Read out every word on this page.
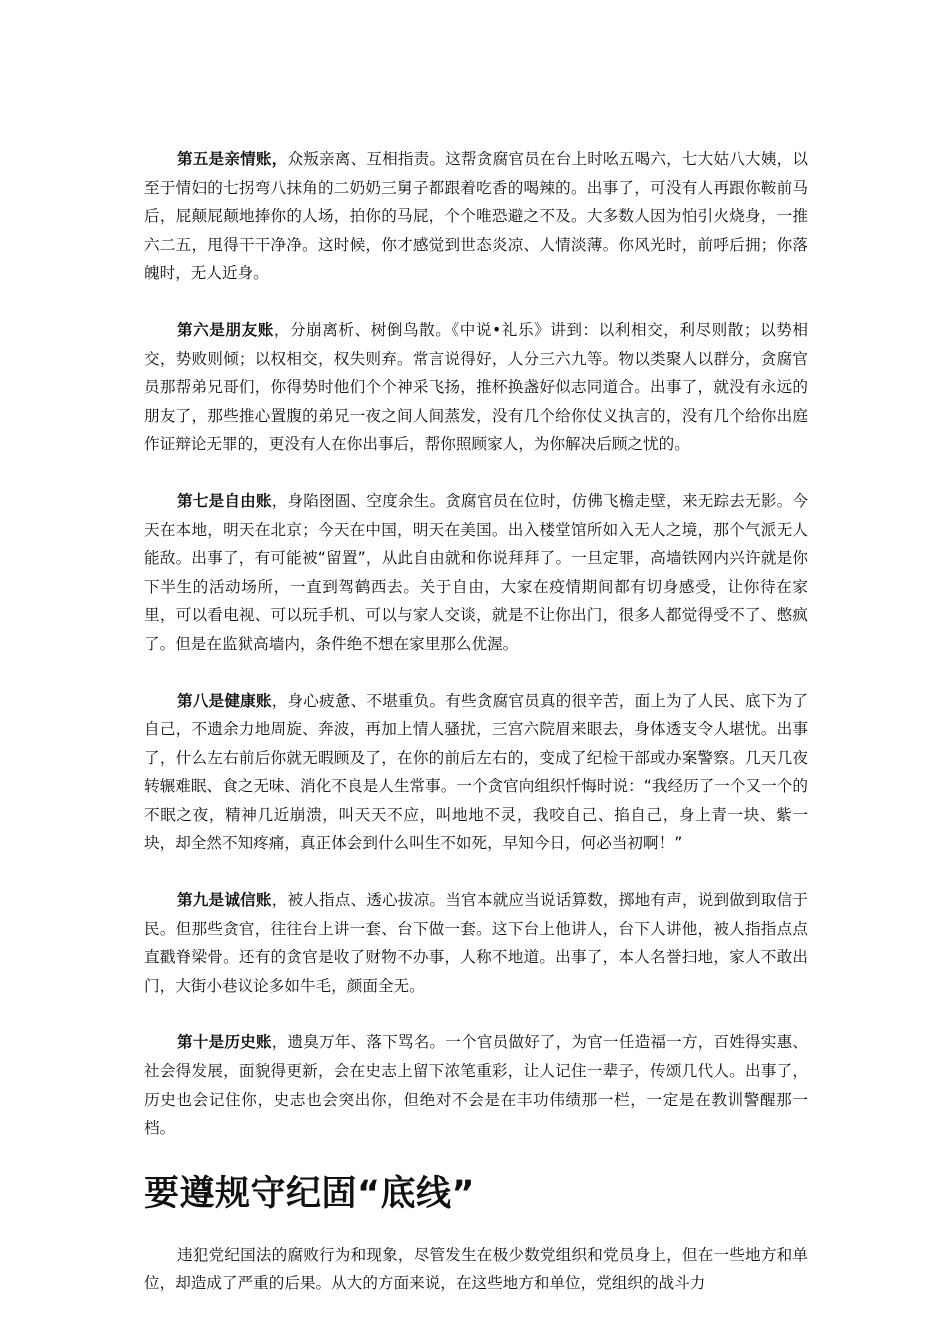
第五是亲情账，众叛亲离、互相指责。这帮贪腐官员在台上时吆五喝六，七大姑八大姨，以至于情妇的七拐弯八抹角的二奶奶三舅子都跟着吃香的喝辣的。出事了，可没有人再跟你鞍前马后，屁颠屁颠地捧你的人场，拍你的马屁，个个唯恐避之不及。大多数人因为怕引火烧身，一推六二五，甩得干干净净。这时候，你才感觉到世态炎凉、人情淡薄。你风光时，前呼后拥；你落魄时，无人近身。

第六是朋友账，分崩离析、树倒鸟散。《中说•礼乐》讲到：以利相交，利尽则散；以势相交，势败则倾；以权相交，权失则弃。常言说得好，人分三六九等。物以类聚人以群分，贪腐官员那帮弟兄哥们，你得势时他们个个神采飞扬，推杯换盏好似志同道合。出事了，就没有永远的朋友了，那些推心置腹的弟兄一夜之间人间蒸发，没有几个给你仗义执言的，没有几个给你出庭作证辩论无罪的，更没有人在你出事后，帮你照顾家人，为你解决后顾之忧的。

第七是自由账，身陷囹圄、空度余生。贪腐官员在位时，仿佛飞檐走壁，来无踪去无影。今天在本地，明天在北京；今天在中国，明天在美国。出入楼堂馆所如入无人之境，那个气派无人能敌。出事了，有可能被“留置”，从此自由就和你说拜拜了。一旦定罪，高墙铁网内兴许就是你下半生的活动场所，一直到驾鹤西去。关于自由，大家在疫情期间都有切身感受，让你待在家里，可以看电视、可以玩手机、可以与家人交谈，就是不让你出门，很多人都觉得受不了、憋疯了。但是在监狱高墙内，条件绝不想在家里那么优渥。

第八是健康账，身心疲惫、不堪重负。有些贪腐官员真的很辛苦，面上为了人民、底下为了自己，不遗余力地周旋、奔波，再加上情人骚扰，三宫六院眉来眼去，身体透支令人堪忧。出事了，什么左右前后你就无暇顾及了，在你的前后左右的，变成了纪检干部或办案警察。几天几夜转辗难眠、食之无味、消化不良是人生常事。一个贪官向组织忏悔时说：“我经历了一个又一个的不眠之夜，精神几近崩溃，叫天天不应，叫地地不灵，我咬自己、掐自己，身上青一块、紫一块，却全然不知疼痛，真正体会到什么叫生不如死，早知今日，何必当初啊！”

第九是诚信账，被人指点、透心拔凉。当官本就应当说话算数，掷地有声，说到做到取信于民。但那些贪官，往往台上讲一套、台下做一套。这下台上他讲人，台下人讲他，被人指指点点直戳脊梁骨。还有的贪官是收了财物不办事，人称不地道。出事了，本人名誉扫地，家人不敢出门，大街小巷议论多如牛毛，颜面全无。

第十是历史账，遗臭万年、落下骂名。一个官员做好了，为官一任造福一方，百姓得实惠、社会得发展，面貌得更新，会在史志上留下浓笔重彩，让人记住一辈子，传颂几代人。出事了，历史也会记住你，史志也会突出你，但绝对不会是在丰功伟绩那一栏，一定是在教训警醒那一档。

要遵规守纪固“底线”

违犯党纪国法的腐败行为和现象，尽管发生在极少数党组织和党员身上，但在一些地方和单位，却造成了严重的后果。从大的方面来说，在这些地方和单位，党组织的战斗力
